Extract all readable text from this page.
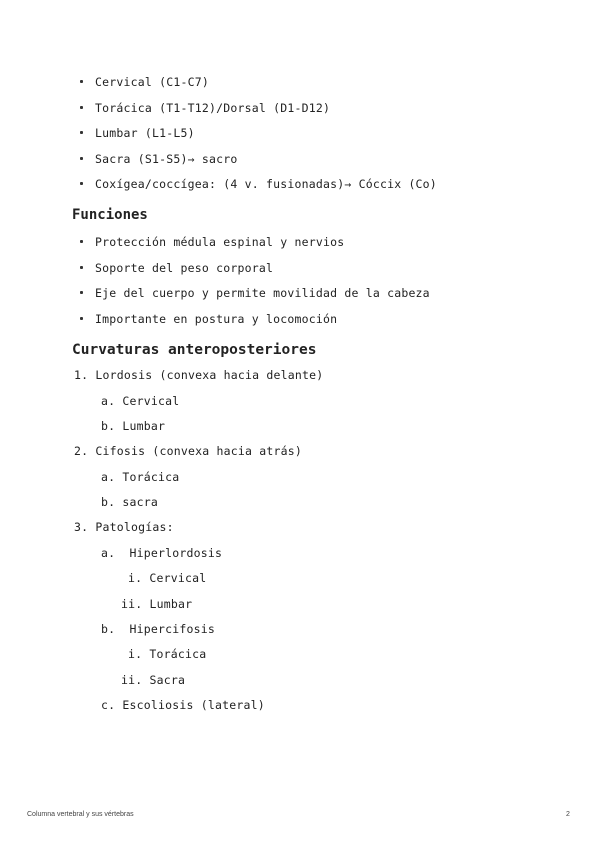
Cervical (C1-C7)
Torácica (T1-T12)/Dorsal (D1-D12)
Lumbar (L1-L5)
Sacra (S1-S5)→ sacro
Coxígea/coccígea: (4 v. fusionadas)→ Cóccix (Co)
Funciones
Protección médula espinal y nervios
Soporte del peso corporal
Eje del cuerpo y permite movilidad de la cabeza
Importante en postura y locomoción
Curvaturas anteroposteriores
1. Lordosis (convexa hacia delante)
a. Cervical
b. Lumbar
2. Cifosis (convexa hacia atrás)
a. Torácica
b. sacra
3. Patologías:
a. Hiperlordosis
i. Cervical
ii. Lumbar
b. Hipercifosis
i. Torácica
ii. Sacra
c. Escoliosis (lateral)
Columna vertebral y sus vértebras	2
